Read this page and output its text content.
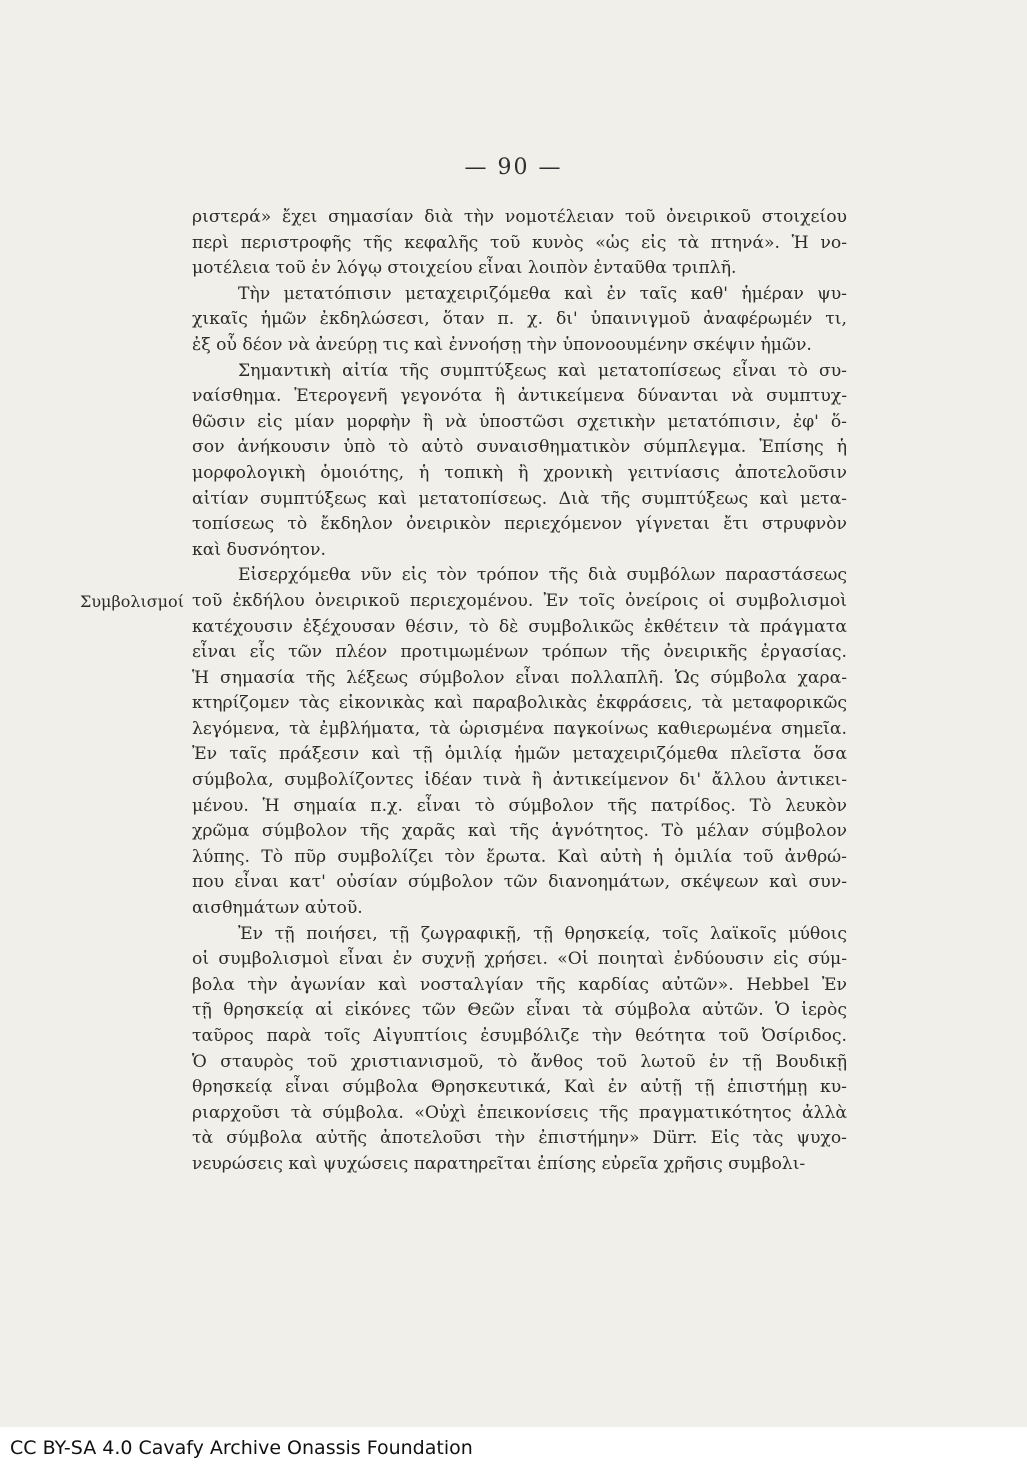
— 90 —
Συμβολισμοί
ριστερά» ἔχει σημασίαν διὰ τὴν νομοτέλειαν τοῦ ὀνειρικοῦ στοιχείου
περὶ περιστροφῆς τῆς κεφαλῆς τοῦ κυνὸς «ὡς εἰς τὰ πτηνά». Ἡ νο-
μοτέλεια τοῦ ἐν λόγῳ στοιχείου εἶναι λοιπὸν ἐνταῦθα τριπλῆ.
Τὴν μετατόπισιν μεταχειριζόμεθα καὶ ἐν ταῖς καθ' ἡμέραν ψυ-
χικαῖς ἡμῶν ἐκδηλώσεσι, ὅταν π. χ. δι' ὑπαινιγμοῦ ἀναφέρωμέν τι,
ἐξ οὗ δέον νὰ ἀνεύρῃ τις καὶ ἐννοήσῃ τὴν ὑπονοουμένην σκέψιν ἡμῶν.
Σημαντικὴ αἰτία τῆς συμπτύξεως καὶ μετατοπίσεως εἶναι τὸ συ-
ναίσθημα. Ἑτερογενῆ γεγονότα ἢ ἀντικείμενα δύνανται νὰ συμπτυχ-
θῶσιν εἰς μίαν μορφὴν ἢ νὰ ὑποστῶσι σχετικὴν μετατόπισιν, ἐφ' ὅ-
σον ἀνήκουσιν ὑπὸ τὸ αὐτὸ συναισθηματικὸν σύμπλεγμα. Ἐπίσης ἡ
μορφολογικὴ ὁμοιότης, ἡ τοπικὴ ἢ χρονικὴ γειτνίασις ἀποτελοῦσιν
αἰτίαν συμπτύξεως καὶ μετατοπίσεως. Διὰ τῆς συμπτύξεως καὶ μετα-
τοπίσεως τὸ ἔκδηλον ὀνειρικὸν περιεχόμενον γίγνεται ἔτι στρυφνὸν
καὶ δυσνόητον.
Εἰσερχόμεθα νῦν εἰς τὸν τρόπον τῆς διὰ συμβόλων παραστάσεως
τοῦ ἐκδήλου ὀνειρικοῦ περιεχομένου. Ἐν τοῖς ὀνείροις οἱ συμβολισμοὶ
κατέχουσιν ἐξέχουσαν θέσιν, τὸ δὲ συμβολικῶς ἐκθέτειν τὰ πράγματα
εἶναι εἷς τῶν πλέον προτιμωμένων τρόπων τῆς ὀνειρικῆς ἐργασίας.
Ἡ σημασία τῆς λέξεως σύμβολον εἶναι πολλαπλῆ. Ὡς σύμβολα χαρα-
κτηρίζομεν τὰς εἰκονικὰς καὶ παραβολικὰς ἐκφράσεις, τὰ μεταφορικῶς
λεγόμενα, τὰ ἐμβλήματα, τὰ ὡρισμένα παγκοίνως καθιερωμένα σημεῖα.
Ἐν ταῖς πράξεσιν καὶ τῇ ὁμιλίᾳ ἡμῶν μεταχειριζόμεθα πλεῖστα ὅσα
σύμβολα, συμβολίζοντες ἰδέαν τινὰ ἢ ἀντικείμενον δι' ἄλλου ἀντικει-
μένου. Ἡ σημαία π.χ. εἶναι τὸ σύμβολον τῆς πατρίδος. Τὸ λευκὸν
χρῶμα σύμβολον τῆς χαρᾶς καὶ τῆς ἁγνότητος. Τὸ μέλαν σύμβολον
λύπης. Τὸ πῦρ συμβολίζει τὸν ἔρωτα. Καὶ αὐτὴ ἡ ὁμιλία τοῦ ἀνθρώ-
που εἶναι κατ' οὐσίαν σύμβολον τῶν διανοημάτων, σκέψεων καὶ συν-
αισθημάτων αὐτοῦ.
Ἐν τῇ ποιήσει, τῇ ζωγραφικῇ, τῇ θρησκείᾳ, τοῖς λαϊκοῖς μύθοις
οἱ συμβολισμοὶ εἶναι ἐν συχνῇ χρήσει. «Οἱ ποιηταὶ ἐνδύουσιν εἰς σύμ-
βολα τὴν ἀγωνίαν καὶ νοσταλγίαν τῆς καρδίας αὐτῶν». Hebbel Ἐν
τῇ θρησκείᾳ αἱ εἰκόνες τῶν Θεῶν εἶναι τὰ σύμβολα αὐτῶν. Ὁ ἱερὸς
ταῦρος παρὰ τοῖς Αἰγυπτίοις ἐσυμβόλιζε τὴν θεότητα τοῦ Ὀσίριδος.
Ὁ σταυρὸς τοῦ χριστιανισμοῦ, τὸ ἄνθος τοῦ λωτοῦ ἐν τῇ Βουδικῇ
θρησκείᾳ εἶναι σύμβολα Θρησκευτικά, Καὶ ἐν αὐτῇ τῇ ἐπιστήμῃ κυ-
ριαρχοῦσι τὰ σύμβολα. «Οὐχὶ ἐπεικονίσεις τῆς πραγματικότητος ἀλλὰ
τὰ σύμβολα αὐτῆς ἀποτελοῦσι τὴν ἐπιστήμην» Dürr. Εἰς τὰς ψυχο-
νευρώσεις καὶ ψυχώσεις παρατηρεῖται ἐπίσης εὐρεῖα χρῆσις συμβολι-
CC BY-SA 4.0 Cavafy Archive Onassis Foundation
